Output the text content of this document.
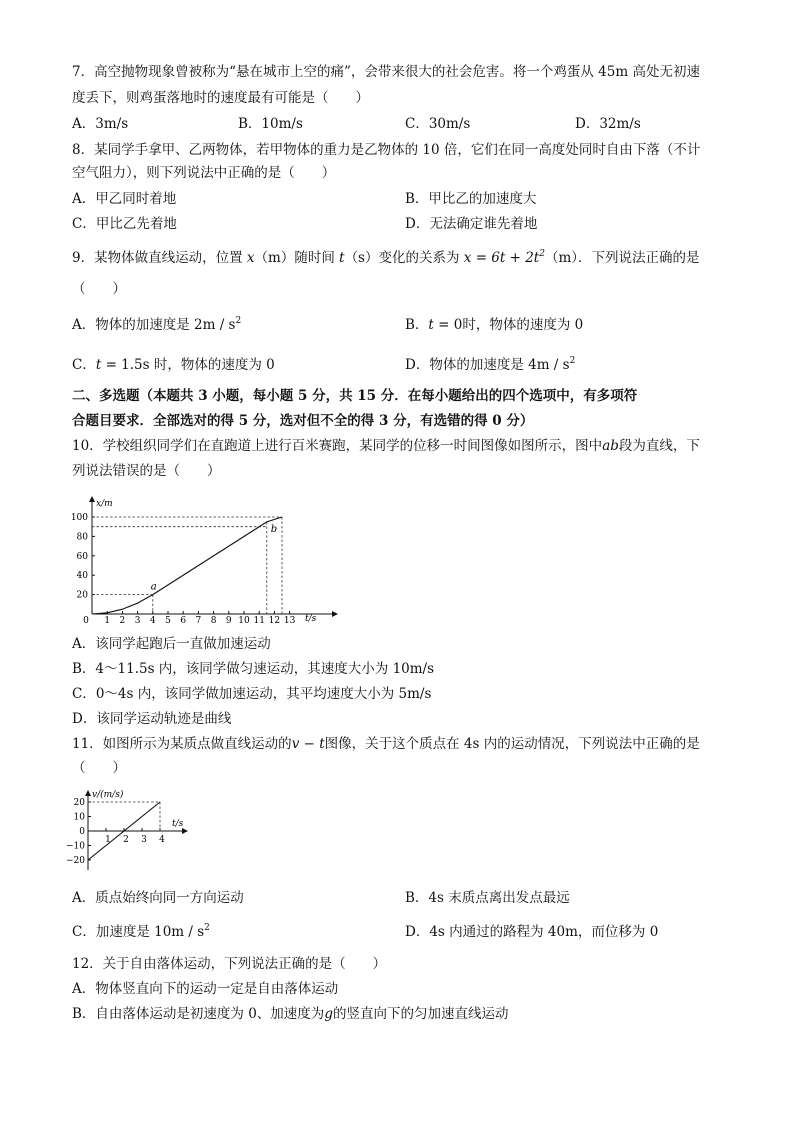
7．高空抛物现象曾被称为“悬在城市上空的痛”，会带来很大的社会危害。将一个鸡蛋从 45m 高处无初速
度丢下，则鸡蛋落地时的速度最有可能是（　　）
A．3m/s	B．10m/s	C．30m/s	D．32m/s
8．某同学手拿甲、乙两物体，若甲物体的重力是乙物体的 10 倍，它们在同一高度处同时自由下落（不计
空气阻力），则下列说法中正确的是（　　）
A．甲乙同时着地	B．甲比乙的加速度大
C．甲比乙先着地	D．无法确定谁先着地
9．某物体做直线运动，位置 x（m）随时间 t（s）变化的关系为 $x = 6t + 2t^2(m)$．下列说法正确的是
（　　）
A．物体的加速度是 $2m / s^2$	B．t = 0时，物体的速度为 0
C．t = 1.5s 时，物体的速度为 0	D．物体的加速度是 $4m / s^2$
二、多选题（本题共 3 小题，每小题 5 分，共 15 分．在每小题给出的四个选项中，有多项符
合题目要求．全部选对的得 5 分，选对但不全的得 3 分，有选错的得 0 分）
10．学校组织同学们在直跑道上进行百米赛跑，某同学的位移一时间图像如图所示，图中ab段为直线，下
列说法错误的是（　　）
20
40
60
80
100
0 1 2 3 4 5 6 7 8 9 10 11 12 13
a
b
x/m
t/s
A．该同学起跑后一直做加速运动
B．4～11.5s 内，该同学做匀速运动，其速度大小为 10m/s
C．0～4s 内，该同学做加速运动，其平均速度大小为 5m/s
D．该同学运动轨迹是曲线
11．如图所示为某质点做直线运动的v − t图像，关于这个质点在 4s 内的运动情况，下列说法中正确的是
（　　）
20
10
0
−10
−20
1 2 3 4
v/(m/s)
t/s
A．质点始终向同一方向运动	B．4s 末质点离出发点最远
C．加速度是 $10m / s^2$	D．4s 内通过的路程为 40m，而位移为 0
12．关于自由落体运动，下列说法正确的是（　　）
A．物体竖直向下的运动一定是自由落体运动
B．自由落体运动是初速度为 0、加速度为g的竖直向下的匀加速直线运动
